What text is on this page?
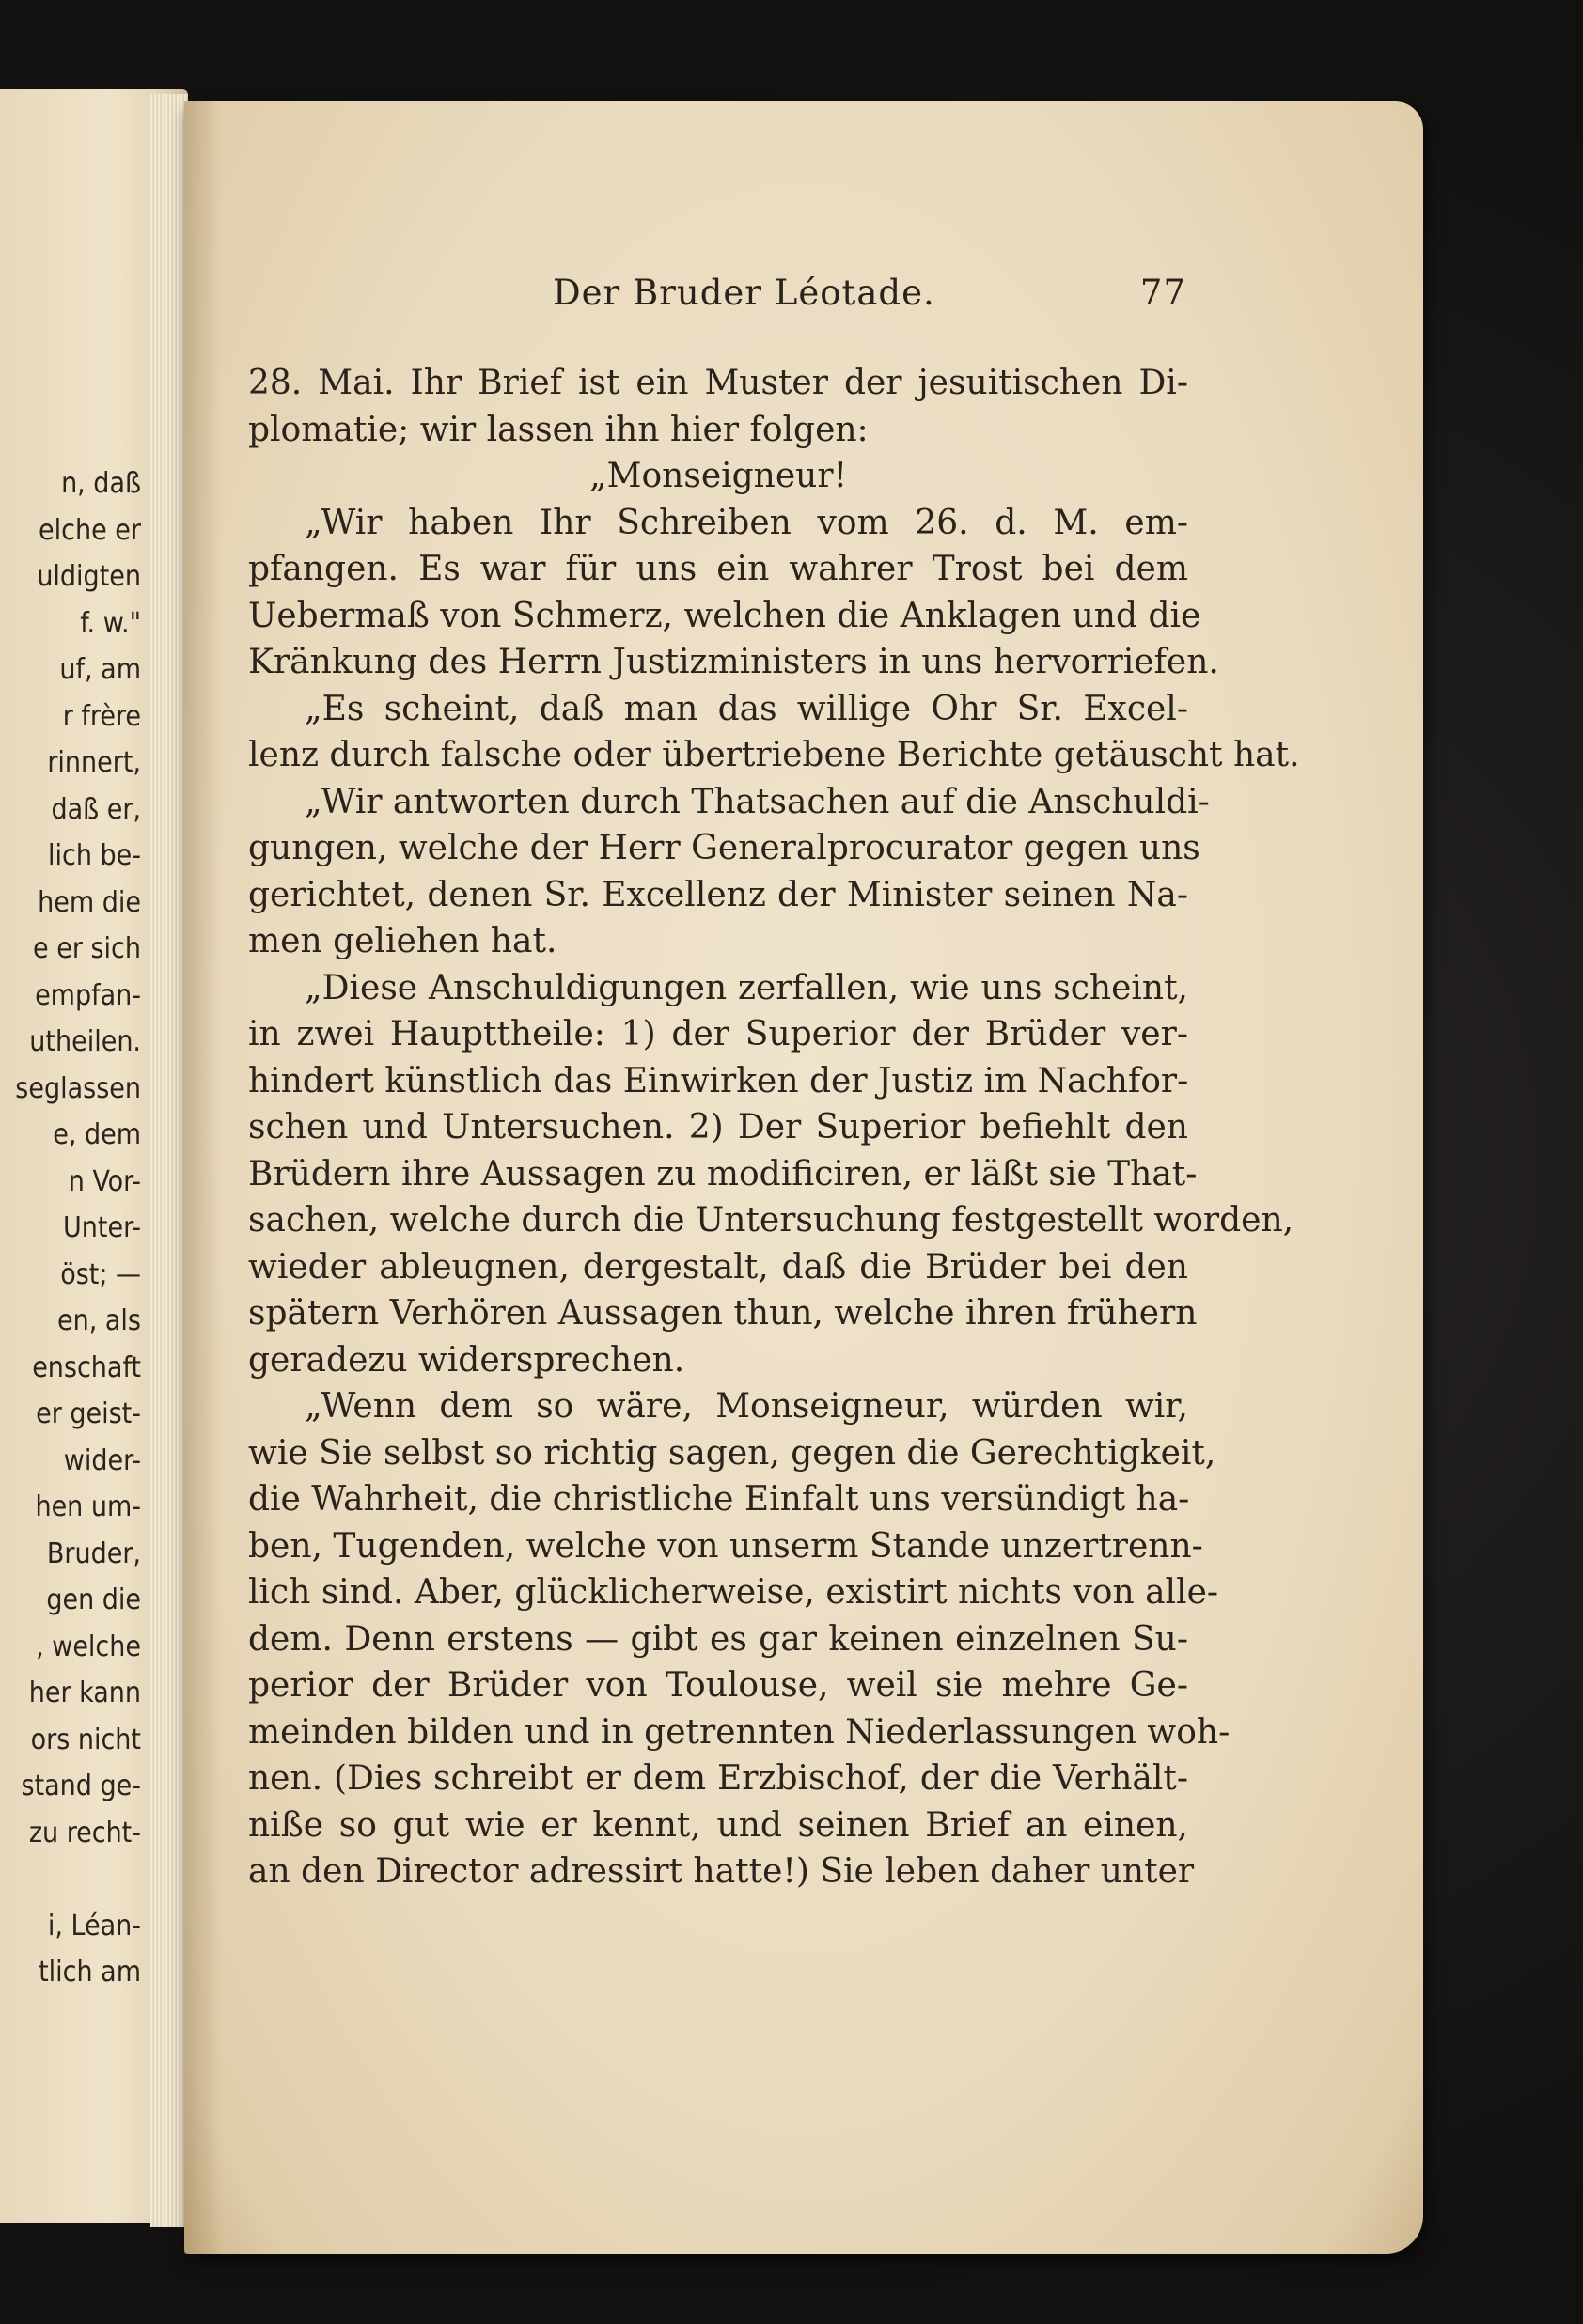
n, daß
elche er
uldigten
f. w."
uf, am
r frère
rinnert,
daß er,
lich be-
hem die
e er sich
empfan-
utheilen.
seglassen
e, dem
n Vor-
Unter-
öst; —
en, als
enschaft
er geist-
wider-
hen um-
Bruder,
gen die
, welche
her kann
ors nicht
stand ge-
zu recht-
i, Léan-
tlich am
Der Bruder Léotade.	77
28. Mai. Ihr Brief ist ein Muster der jesuitischen Di-
plomatie; wir lassen ihn hier folgen:
„Monseigneur!
„Wir haben Ihr Schreiben vom 26. d. M. em-
pfangen. Es war für uns ein wahrer Trost bei dem
Uebermaß von Schmerz, welchen die Anklagen und die
Kränkung des Herrn Justizministers in uns hervorriefen.
„Es scheint, daß man das willige Ohr Sr. Excel-
lenz durch falsche oder übertriebene Berichte getäuscht hat.
„Wir antworten durch Thatsachen auf die Anschuldi-
gungen, welche der Herr Generalprocurator gegen uns
gerichtet, denen Sr. Excellenz der Minister seinen Na-
men geliehen hat.
„Diese Anschuldigungen zerfallen, wie uns scheint,
in zwei Haupttheile: 1) der Superior der Brüder ver-
hindert künstlich das Einwirken der Justiz im Nachfor-
schen und Untersuchen. 2) Der Superior befiehlt den
Brüdern ihre Aussagen zu modificiren, er läßt sie That-
sachen, welche durch die Untersuchung festgestellt worden,
wieder ableugnen, dergestalt, daß die Brüder bei den
spätern Verhören Aussagen thun, welche ihren frühern
geradezu widersprechen.
„Wenn dem so wäre, Monseigneur, würden wir,
wie Sie selbst so richtig sagen, gegen die Gerechtigkeit,
die Wahrheit, die christliche Einfalt uns versündigt ha-
ben, Tugenden, welche von unserm Stande unzertrenn-
lich sind. Aber, glücklicherweise, existirt nichts von alle-
dem. Denn erstens — gibt es gar keinen einzelnen Su-
perior der Brüder von Toulouse, weil sie mehre Ge-
meinden bilden und in getrennten Niederlassungen woh-
nen. (Dies schreibt er dem Erzbischof, der die Verhält-
niße so gut wie er kennt, und seinen Brief an einen,
an den Director adressirt hatte!) Sie leben daher unter
